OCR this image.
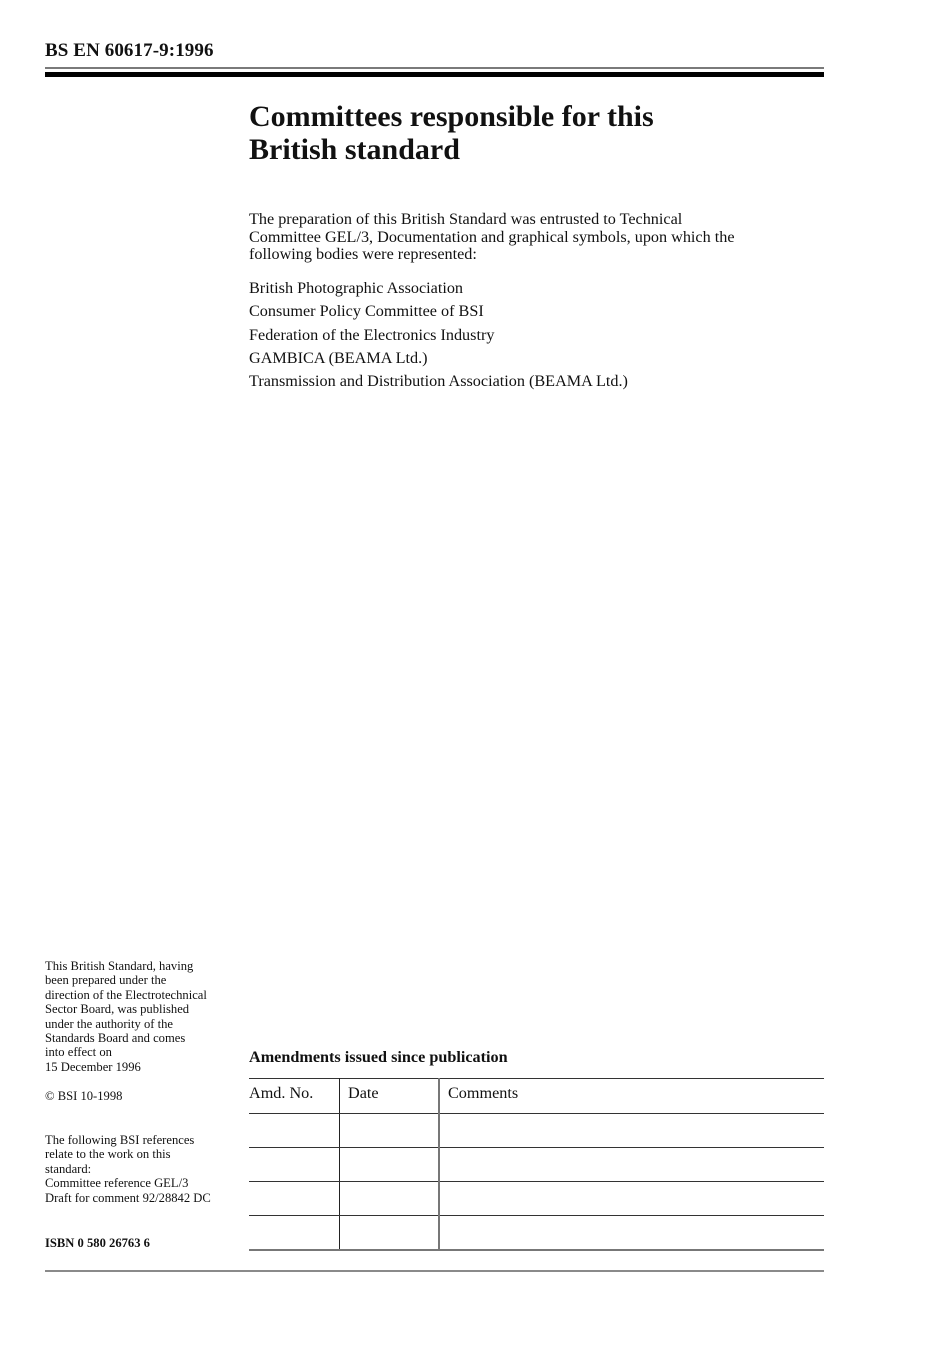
BS EN 60617-9:1996
Committees responsible for this
British standard

The preparation of this British Standard was entrusted to Technical
Committee GEL/3, Documentation and graphical symbols, upon which the
following bodies were represented:

British Photographic Association
Consumer Policy Committee of BSI
Federation of the Electronics Industry
GAMBICA (BEAMA Ltd.)
Transmission and Distribution Association (BEAMA Ltd.)

This British Standard, having
been prepared under the
direction of the Electrotechnical
Sector Board, was published
under the authority of the
Standards Board and comes
into effect on
15 December 1996

© BSI 10-1998

The following BSI references
relate to the work on this
standard:
Committee reference GEL/3
Draft for comment 92/28842 DC

ISBN 0 580 26763 6
Amendments issued since publication
Amd. No.	Date	Comments
